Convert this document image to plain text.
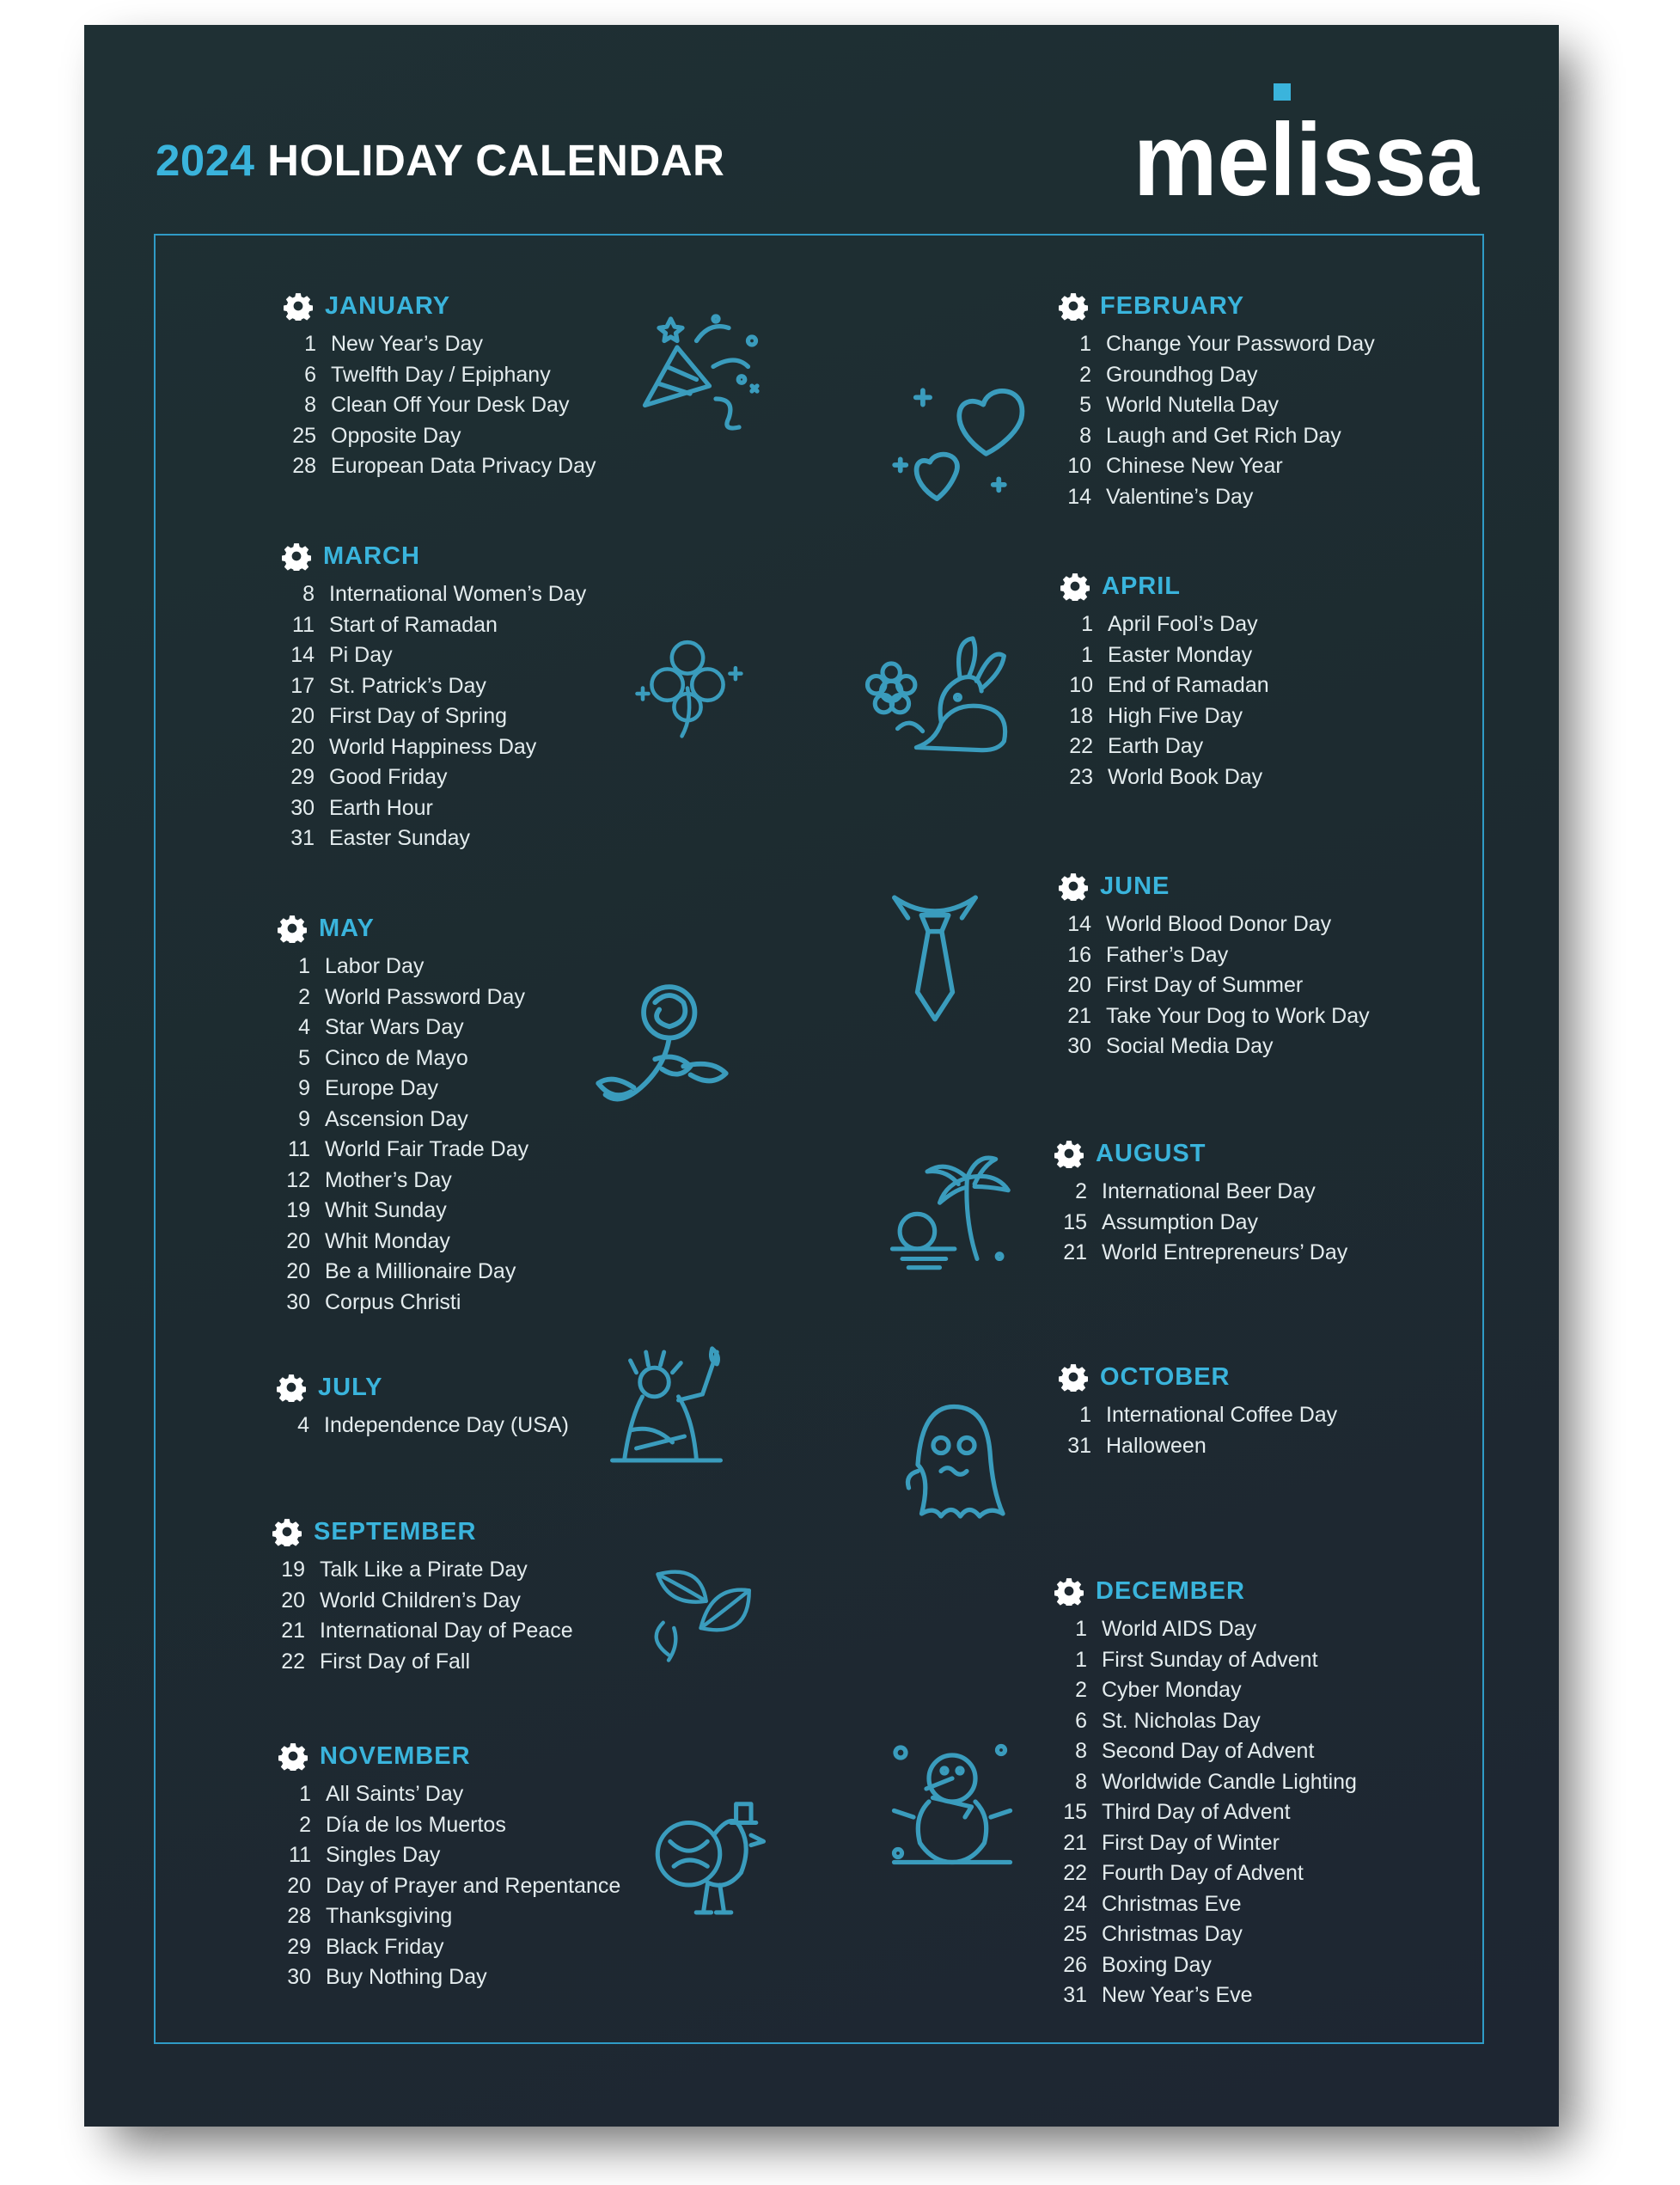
2024 HOLIDAY CALENDAR	melissa
JANUARY
1 New Year’s Day
6 Twelfth Day / Epiphany
8 Clean Off Your Desk Day
25 Opposite Day
28 European Data Privacy Day
MARCH
8 International Women’s Day
11 Start of Ramadan
14 Pi Day
17 St. Patrick’s Day
20 First Day of Spring
20 World Happiness Day
29 Good Friday
30 Earth Hour
31 Easter Sunday
MAY
1 Labor Day
2 World Password Day
4 Star Wars Day
5 Cinco de Mayo
9 Europe Day
9 Ascension Day
11 World Fair Trade Day
12 Mother’s Day
19 Whit Sunday
20 Whit Monday
20 Be a Millionaire Day
30 Corpus Christi
JULY
4 Independence Day (USA)
SEPTEMBER
19 Talk Like a Pirate Day
20 World Children’s Day
21 International Day of Peace
22 First Day of Fall
NOVEMBER
1 All Saints’ Day
2 Día de los Muertos
11 Singles Day
20 Day of Prayer and Repentance
28 Thanksgiving
29 Black Friday
30 Buy Nothing Day
FEBRUARY
1 Change Your Password Day
2 Groundhog Day
5 World Nutella Day
8 Laugh and Get Rich Day
10 Chinese New Year
14 Valentine’s Day
APRIL
1 April Fool’s Day
1 Easter Monday
10 End of Ramadan
18 High Five Day
22 Earth Day
23 World Book Day
JUNE
14 World Blood Donor Day
16 Father’s Day
20 First Day of Summer
21 Take Your Dog to Work Day
30 Social Media Day
AUGUST
2 International Beer Day
15 Assumption Day
21 World Entrepreneurs’ Day
OCTOBER
1 International Coffee Day
31 Halloween
DECEMBER
1 World AIDS Day
1 First Sunday of Advent
2 Cyber Monday
6 St. Nicholas Day
8 Second Day of Advent
8 Worldwide Candle Lighting
15 Third Day of Advent
21 First Day of Winter
22 Fourth Day of Advent
24 Christmas Eve
25 Christmas Day
26 Boxing Day
31 New Year’s Eve
